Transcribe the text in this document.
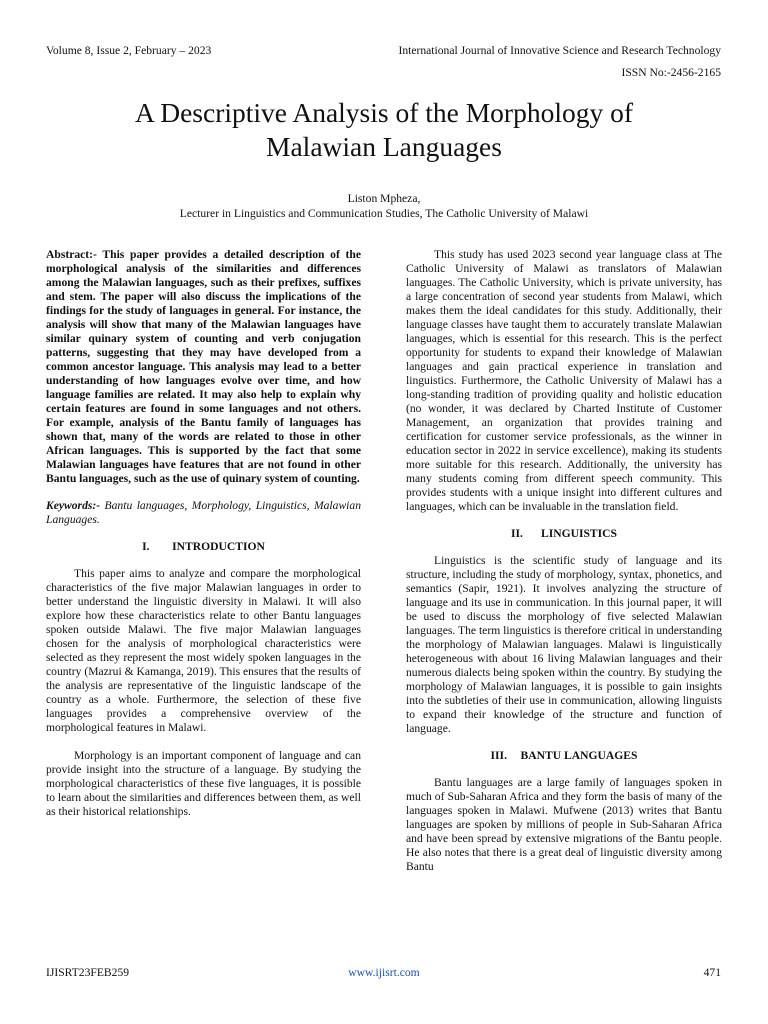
Volume 8, Issue 2, February – 2023	International Journal of Innovative Science and Research Technology
ISSN No:-2456-2165
A Descriptive Analysis of the Morphology of
Malawian Languages
Liston Mpheza,
Lecturer in Linguistics and Communication Studies, The Catholic University of Malawi
Abstract:- This paper provides a detailed description of the morphological analysis of the similarities and differences among the Malawian languages, such as their prefixes, suffixes and stem. The paper will also discuss the implications of the findings for the study of languages in general. For instance, the analysis will show that many of the Malawian languages have similar quinary system of counting and verb conjugation patterns, suggesting that they may have developed from a common ancestor language. This analysis may lead to a better understanding of how languages evolve over time, and how language families are related. It may also help to explain why certain features are found in some languages and not others. For example, analysis of the Bantu family of languages has shown that, many of the words are related to those in other African languages. This is supported by the fact that some Malawian languages have features that are not found in other Bantu languages, such as the use of quinary system of counting.
Keywords:- Bantu languages, Morphology, Linguistics, Malawian Languages.
I. INTRODUCTION

This paper aims to analyze and compare the morphological characteristics of the five major Malawian languages in order to better understand the linguistic diversity in Malawi. It will also explore how these characteristics relate to other Bantu languages spoken outside Malawi. The five major Malawian languages chosen for the analysis of morphological characteristics were selected as they represent the most widely spoken languages in the country (Mazrui & Kamanga, 2019). This ensures that the results of the analysis are representative of the linguistic landscape of the country as a whole. Furthermore, the selection of these five languages provides a comprehensive overview of the morphological features in Malawi.

Morphology is an important component of language and can provide insight into the structure of a language. By studying the morphological characteristics of these five languages, it is possible to learn about the similarities and differences between them, as well as their historical relationships.

This study has used 2023 second year language class at The Catholic University of Malawi as translators of Malawian languages. The Catholic University, which is private university, has a large concentration of second year students from Malawi, which makes them the ideal candidates for this study. Additionally, their language classes have taught them to accurately translate Malawian languages, which is essential for this research. This is the perfect opportunity for students to expand their knowledge of Malawian languages and gain practical experience in translation and linguistics. Furthermore, the Catholic University of Malawi has a long-standing tradition of providing quality and holistic education (no wonder, it was declared by Charted Institute of Customer Management, an organization that provides training and certification for customer service professionals, as the winner in education sector in 2022 in service excellence), making its students more suitable for this research. Additionally, the university has many students coming from different speech community. This provides students with a unique insight into different cultures and languages, which can be invaluable in the translation field.

II. LINGUISTICS

Linguistics is the scientific study of language and its structure, including the study of morphology, syntax, phonetics, and semantics (Sapir, 1921). It involves analyzing the structure of language and its use in communication. In this journal paper, it will be used to discuss the morphology of five selected Malawian languages. The term linguistics is therefore critical in understanding the morphology of Malawian languages. Malawi is linguistically heterogeneous with about 16 living Malawian languages and their numerous dialects being spoken within the country. By studying the morphology of Malawian languages, it is possible to gain insights into the subtleties of their use in communication, allowing linguists to expand their knowledge of the structure and function of language.

III. BANTU LANGUAGES

Bantu languages are a large family of languages spoken in much of Sub-Saharan Africa and they form the basis of many of the languages spoken in Malawi. Mufwene (2013) writes that Bantu languages are spoken by millions of people in Sub-Saharan Africa and have been spread by extensive migrations of the Bantu people. He also notes that there is a great deal of linguistic diversity among Bantu

IJISRT23FEB259	www.ijisrt.com	471
